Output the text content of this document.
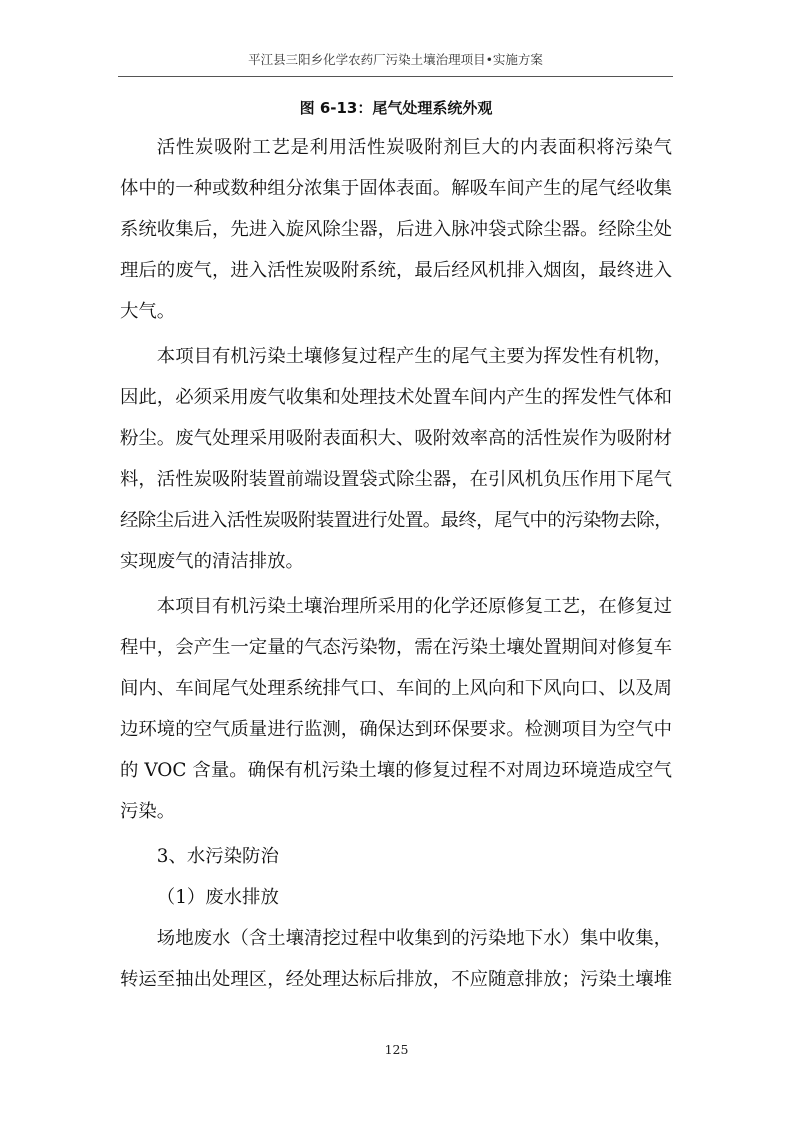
平江县三阳乡化学农药厂污染土壤治理项目•实施方案
图 6-13：尾气处理系统外观
活性炭吸附工艺是利用活性炭吸附剂巨大的内表面积将污染气
体中的一种或数种组分浓集于固体表面。解吸车间产生的尾气经收集
系统收集后，先进入旋风除尘器，后进入脉冲袋式除尘器。经除尘处
理后的废气，进入活性炭吸附系统，最后经风机排入烟囱，最终进入
大气。
本项目有机污染土壤修复过程产生的尾气主要为挥发性有机物，
因此，必须采用废气收集和处理技术处置车间内产生的挥发性气体和
粉尘。废气处理采用吸附表面积大、吸附效率高的活性炭作为吸附材
料，活性炭吸附装置前端设置袋式除尘器，在引风机负压作用下尾气
经除尘后进入活性炭吸附装置进行处置。最终，尾气中的污染物去除，
实现废气的清洁排放。
本项目有机污染土壤治理所采用的化学还原修复工艺，在修复过
程中，会产生一定量的气态污染物，需在污染土壤处置期间对修复车
间内、车间尾气处理系统排气口、车间的上风向和下风向口、以及周
边环境的空气质量进行监测，确保达到环保要求。检测项目为空气中
的 VOC 含量。确保有机污染土壤的修复过程不对周边环境造成空气
污染。
3、水污染防治
（1）废水排放
场地废水（含土壤清挖过程中收集到的污染地下水）集中收集，
转运至抽出处理区，经处理达标后排放，不应随意排放；污染土壤堆
125
